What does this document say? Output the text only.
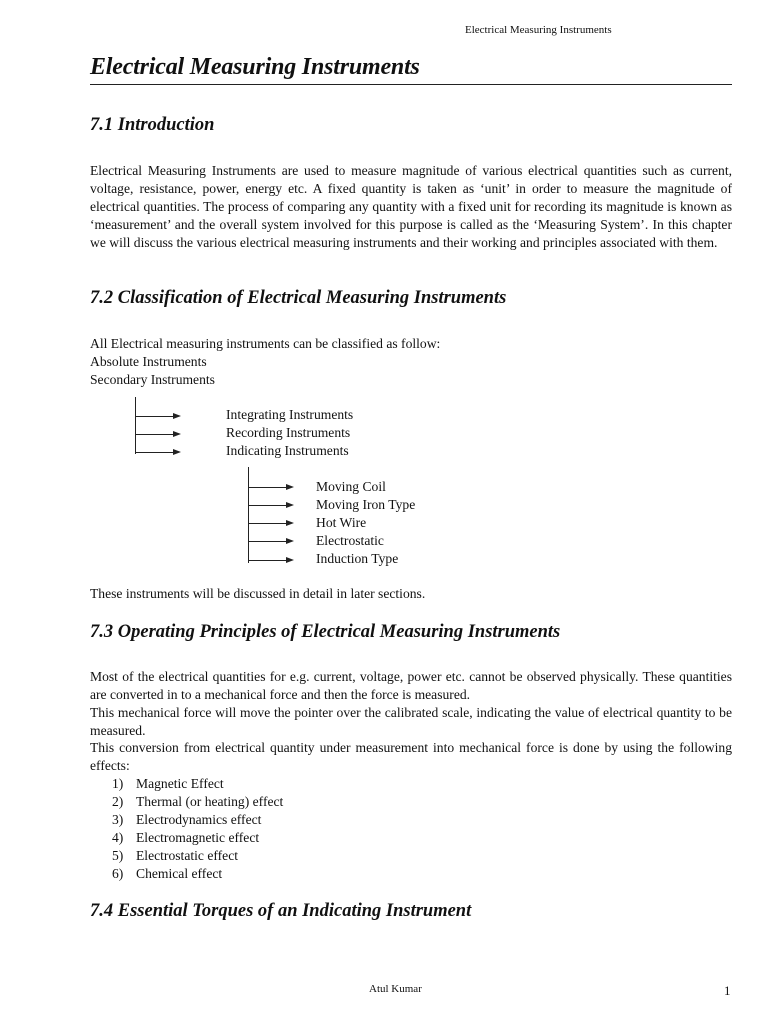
Electrical Measuring Instruments
Electrical Measuring Instruments
7.1 Introduction
Electrical Measuring Instruments are used to measure magnitude of various electrical quantities such as current, voltage, resistance, power, energy etc. A fixed quantity is taken as ‘unit’ in order to measure the magnitude of electrical quantities. The process of comparing any quantity with a fixed unit for recording its magnitude is known as ‘measurement’ and the overall system involved for this purpose is called as the ‘Measuring System’. In this chapter we will discuss the various electrical measuring instruments and their working and principles associated with them.
7.2 Classification of Electrical Measuring Instruments
All Electrical measuring instruments can be classified as follow:
Absolute Instruments
Secondary Instruments
Integrating Instruments
Recording Instruments
Indicating Instruments
Moving Coil
Moving Iron Type
Hot Wire
Electrostatic
Induction Type
These instruments will be discussed in detail in later sections.
7.3 Operating Principles of Electrical Measuring Instruments
Most of the electrical quantities for e.g. current, voltage, power etc. cannot be observed physically. These quantities are converted in to a mechanical force and then the force is measured.
This mechanical force will move the pointer over the calibrated scale, indicating the value of electrical quantity to be measured.
This conversion from electrical quantity under measurement into mechanical force is done by using the following effects:
1) Magnetic Effect
2) Thermal (or heating) effect
3) Electrodynamics effect
4) Electromagnetic effect
5) Electrostatic effect
6) Chemical effect
7.4 Essential Torques of an Indicating Instrument
Atul Kumar	1
